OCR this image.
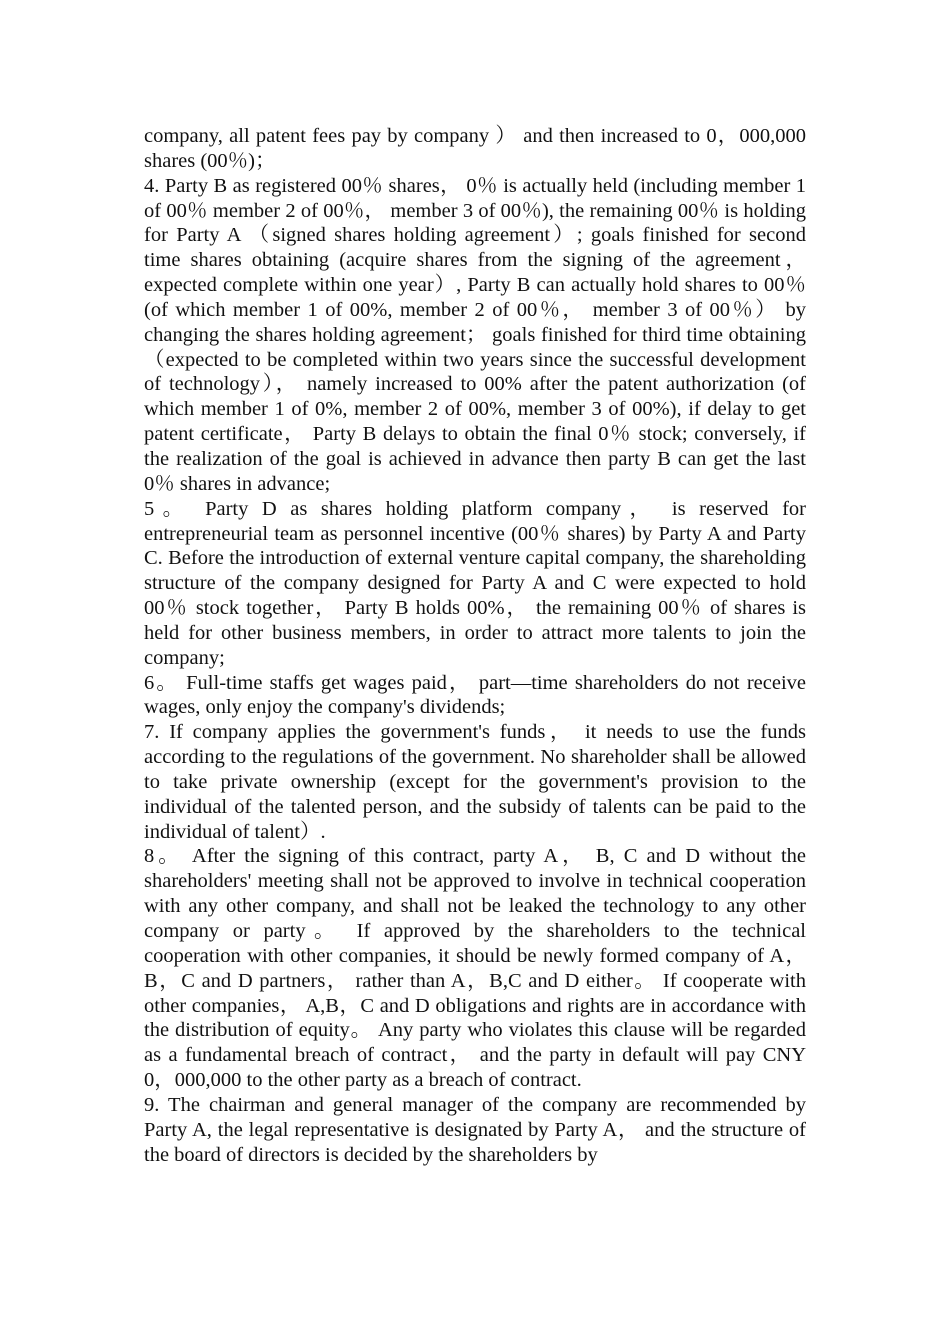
company, all patent fees pay by company ） and then increased to 0，000,000 shares (00％)；

4. Party B as registered 00％ shares， 0％ is actually held (including member 1 of 00％ member 2 of 00％， member 3 of 00％), the remaining 00％ is holding for Party A （signed shares holding agreement）; goals finished for second time shares obtaining (acquire shares from the signing of the agreement， expected complete within one year）, Party B can actually hold shares to 00％ (of which member 1 of 00%, member 2 of 00％， member 3 of 00％） by changing the shares holding agreement； goals finished for third time obtaining （expected to be completed within two years since the successful development of technology）， namely increased to 00% after the patent authorization (of which member 1 of 0%, member 2 of 00%, member 3 of 00%), if delay to get patent certificate， Party B delays to obtain the final 0％ stock; conversely, if the realization of the goal is achieved in advance then party B can get the last 0％ shares in advance;

5。 Party D as shares holding platform company， is reserved for entrepreneurial team as personnel incentive (00％ shares) by Party A and Party C. Before the introduction of external venture capital company, the shareholding structure of the company designed for Party A and C were expected to hold 00％ stock together， Party B holds 00%， the remaining 00％ of shares is held for other business members, in order to attract more talents to join the company;

6。 Full-time staffs get wages paid， part—time shareholders do not receive wages, only enjoy the company's dividends;

7. If company applies the government's funds， it needs to use the funds according to the regulations of the government. No shareholder shall be allowed to take private ownership (except for the government's provision to the individual of the talented person, and the subsidy of talents can be paid to the individual of talent）.

8。 After the signing of this contract, party A， B, C and D without the shareholders' meeting shall not be approved to involve in technical cooperation with any other company, and shall not be leaked the technology to any other company or party。 If approved by the shareholders to the technical cooperation with other companies, it should be newly formed company of A，B，C and D partners， rather than A，B,C and D either。 If cooperate with other companies， A,B，C and D obligations and rights are in accordance with the distribution of equity。 Any party who violates this clause will be regarded as a fundamental breach of contract， and the party in default will pay CNY 0，000,000 to the other party as a breach of contract.

9. The chairman and general manager of the company are recommended by Party A, the legal representative is designated by Party A， and the structure of the board of directors is decided by the shareholders by
